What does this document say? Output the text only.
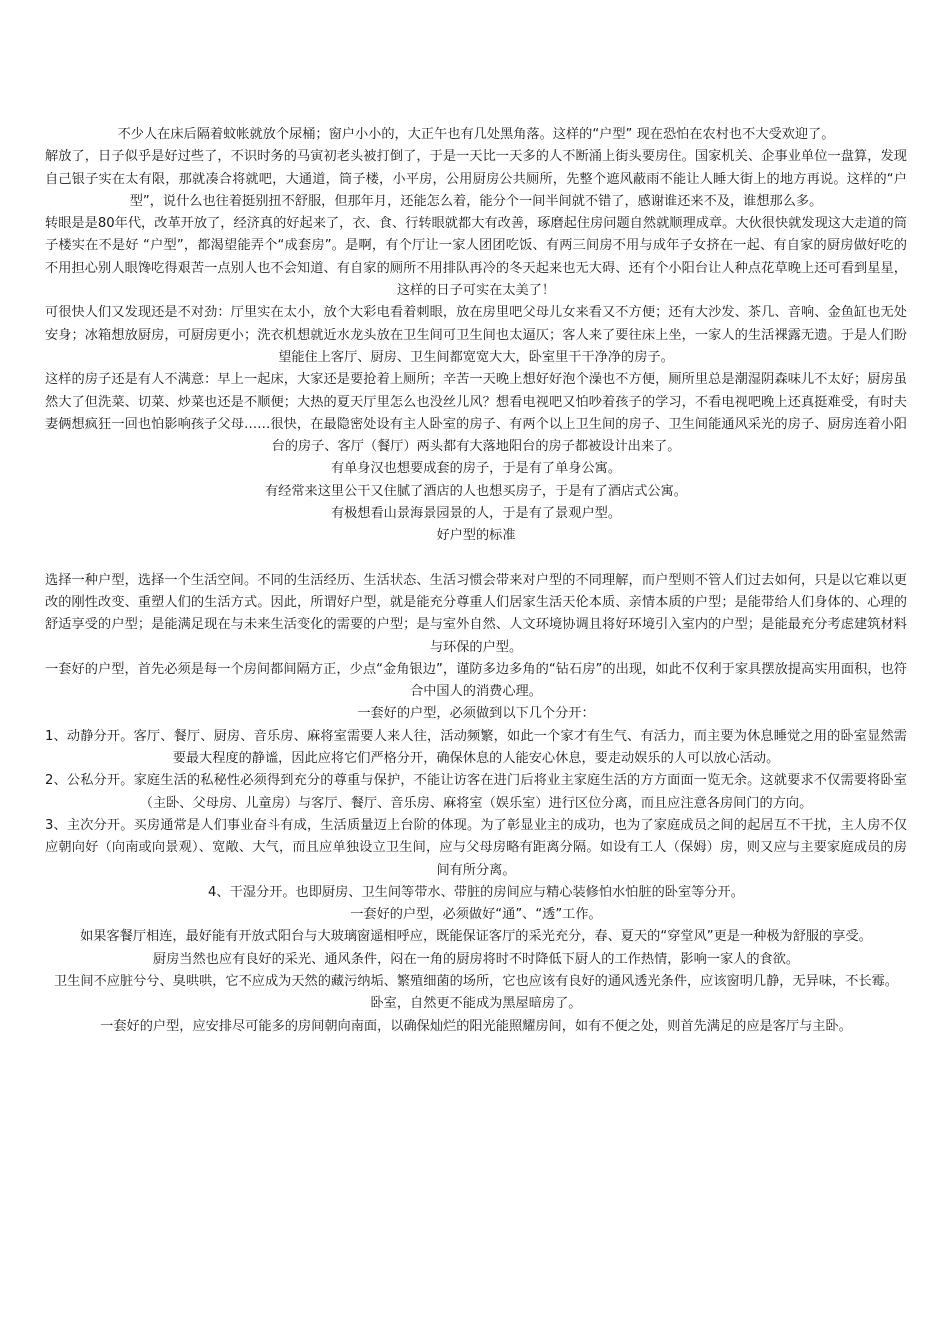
不少人在床后隔着蚊帐就放个尿桶；窗户小小的，大正午也有几处黑角落。这样的“户型” 现在恐怕在农村也不大受欢迎了。

解放了，日子似乎是好过些了，不识时务的马寅初老头被打倒了，于是一天比一天多的人不断涌上街头要房住。国家机关、企事业单位一盘算，发现自己银子实在太有限，那就凑合将就吧，大通道，筒子楼，小平房，公用厨房公共厕所，先整个遮风蔽雨不能让人睡大街上的地方再说。这样的“户型”，说什么也往着挺别扭不舒服，但那年月，还能怎么着，能分个一间半间就不错了，感谢谁还来不及，谁想那么多。

转眼是是80年代，改革开放了，经济真的好起来了，衣、食、行转眼就都大有改善，琢磨起住房问题自然就顺理成章。大伙很快就发现这大走道的筒子楼实在不是好 “户型”，都渴望能弄个“成套房”。是啊，有个厅让一家人团团吃饭、有两三间房不用与成年子女挤在一起、有自家的厨房做好吃的不用担心别人眼馋吃得艰苦一点别人也不会知道、有自家的厕所不用排队再冷的冬天起来也无大碍、还有个小阳台让人种点花草晚上还可看到星星，这样的日子可实在太美了！

可很快人们又发现还是不对劲：厅里实在太小，放个大彩电看着刺眼，放在房里吧父母儿女来看又不方便；还有大沙发、茶几、音响、金鱼缸也无处安身；冰箱想放厨房，可厨房更小；洗衣机想就近水龙头放在卫生间可卫生间也太逼仄；客人来了要往床上坐，一家人的生活裸露无遗。于是人们盼望能住上客厅、厨房、卫生间都宽宽大大，卧室里干干净净的房子。

这样的房子还是有人不满意：早上一起床，大家还是要抢着上厕所；辛苦一天晚上想好好泡个澡也不方便，厕所里总是潮湿阴森味儿不太好；厨房虽然大了但洗菜、切菜、炒菜也还是不顺便；大热的夏天厅里怎么也没丝儿风？想看电视吧又怕吵着孩子的学习，不看电视吧晚上还真挺难受，有时夫妻俩想疯狂一回也怕影响孩子父母……很快，在最隐密处设有主人卧室的房子、有两个以上卫生间的房子、卫生间能通风采光的房子、厨房连着小阳台的房子、客厅（餐厅）两头都有大落地阳台的房子都被设计出来了。

有单身汉也想要成套的房子，于是有了单身公寓。

有经常来这里公干又住腻了酒店的人也想买房子，于是有了酒店式公寓。

有极想看山景海景园景的人，于是有了景观户型。

好户型的标准

选择一种户型，选择一个生活空间。不同的生活经历、生活状态、生活习惯会带来对户型的不同理解，而户型则不管人们过去如何，只是以它难以更改的刚性改变、重塑人们的生活方式。因此，所谓好户型，就是能充分尊重人们居家生活天伦本质、亲情本质的户型；是能带给人们身体的、心理的舒适享受的户型；是能满足现在与未来生活变化的需要的户型；是与室外自然、人文环境协调且将好环境引入室内的户型；是能最充分考虑建筑材料与环保的户型。

一套好的户型，首先必须是每一个房间都间隔方正，少点“金角银边”，谨防多边多角的“钻石房”的出现，如此不仅利于家具摆放提高实用面积，也符合中国人的消费心理。

一套好的户型，必须做到以下几个分开：

1、动静分开。客厅、餐厅、厨房、音乐房、麻将室需要人来人往，活动频繁，如此一个家才有生气、有活力，而主要为休息睡觉之用的卧室显然需要最大程度的静谧，因此应将它们严格分开，确保休息的人能安心休息，要走动娱乐的人可以放心活动。

2、公私分开。家庭生活的私秘性必须得到充分的尊重与保护，不能让访客在进门后将业主家庭生活的方方面面一览无余。这就要求不仅需要将卧室（主卧、父母房、儿童房）与客厅、餐厅、音乐房、麻将室（娱乐室）进行区位分离，而且应注意各房间门的方向。

3、主次分开。买房通常是人们事业奋斗有成，生活质量迈上台阶的体现。为了彰显业主的成功，也为了家庭成员之间的起居互不干扰，主人房不仅应朝向好（向南或向景观）、宽敞、大气，而且应单独设立卫生间，应与父母房略有距离分隔。如设有工人（保姆）房，则又应与主要家庭成员的房间有所分离。

4、干湿分开。也即厨房、卫生间等带水、带脏的房间应与精心装修怕水怕脏的卧室等分开。

一套好的户型，必须做好“通”、“透”工作。

如果客餐厅相连，最好能有开放式阳台与大玻璃窗遥相呼应，既能保证客厅的采光充分，春、夏天的“穿堂风”更是一种极为舒服的享受。

厨房当然也应有良好的采光、通风条件，闷在一角的厨房将时不时降低下厨人的工作热情，影响一家人的食欲。

卫生间不应脏兮兮、臭哄哄，它不应成为天然的藏污纳垢、繁殖细菌的场所，它也应该有良好的通风透光条件，应该窗明几静，无异味，不长霉。

卧室，自然更不能成为黑屋暗房了。

一套好的户型，应安排尽可能多的房间朝向南面，以确保灿烂的阳光能照耀房间，如有不便之处，则首先满足的应是客厅与主卧。
